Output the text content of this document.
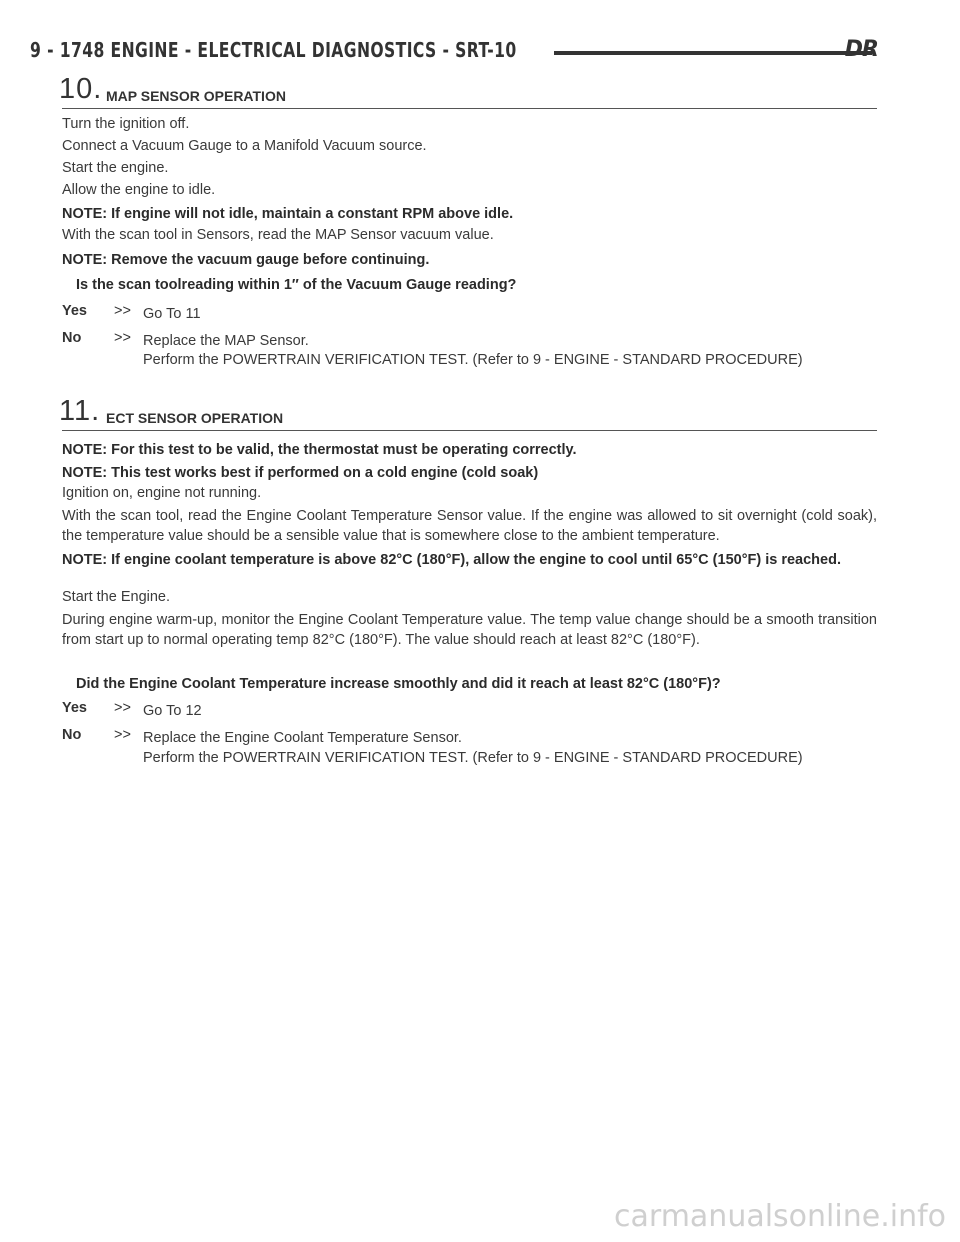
9 - 1748 ENGINE - ELECTRICAL DIAGNOSTICS - SRT-10	DR
10. MAP SENSOR OPERATION
Turn the ignition off.
Connect a Vacuum Gauge to a Manifold Vacuum source.
Start the engine.
Allow the engine to idle.
NOTE: If engine will not idle, maintain a constant RPM above idle.
With the scan tool in Sensors, read the MAP Sensor vacuum value.
NOTE: Remove the vacuum gauge before continuing.
Is the scan toolreading within 1″ of the Vacuum Gauge reading?
Yes >> Go To 11
No >> Replace the MAP Sensor.
Perform the POWERTRAIN VERIFICATION TEST. (Refer to 9 - ENGINE - STANDARD PROCEDURE)
11. ECT SENSOR OPERATION
NOTE: For this test to be valid, the thermostat must be operating correctly.
NOTE: This test works best if performed on a cold engine (cold soak)
Ignition on, engine not running.
With the scan tool, read the Engine Coolant Temperature Sensor value. If the engine was allowed to sit overnight (cold soak), the temperature value should be a sensible value that is somewhere close to the ambient temperature.
NOTE: If engine coolant temperature is above 82°C (180°F), allow the engine to cool until 65°C (150°F) is reached.
Start the Engine.
During engine warm-up, monitor the Engine Coolant Temperature value. The temp value change should be a smooth transition from start up to normal operating temp 82°C (180°F). The value should reach at least 82°C (180°F).
Did the Engine Coolant Temperature increase smoothly and did it reach at least 82°C (180°F)?
Yes >> Go To 12
No >> Replace the Engine Coolant Temperature Sensor.
Perform the POWERTRAIN VERIFICATION TEST. (Refer to 9 - ENGINE - STANDARD PROCEDURE)
carmanualsonline.info
